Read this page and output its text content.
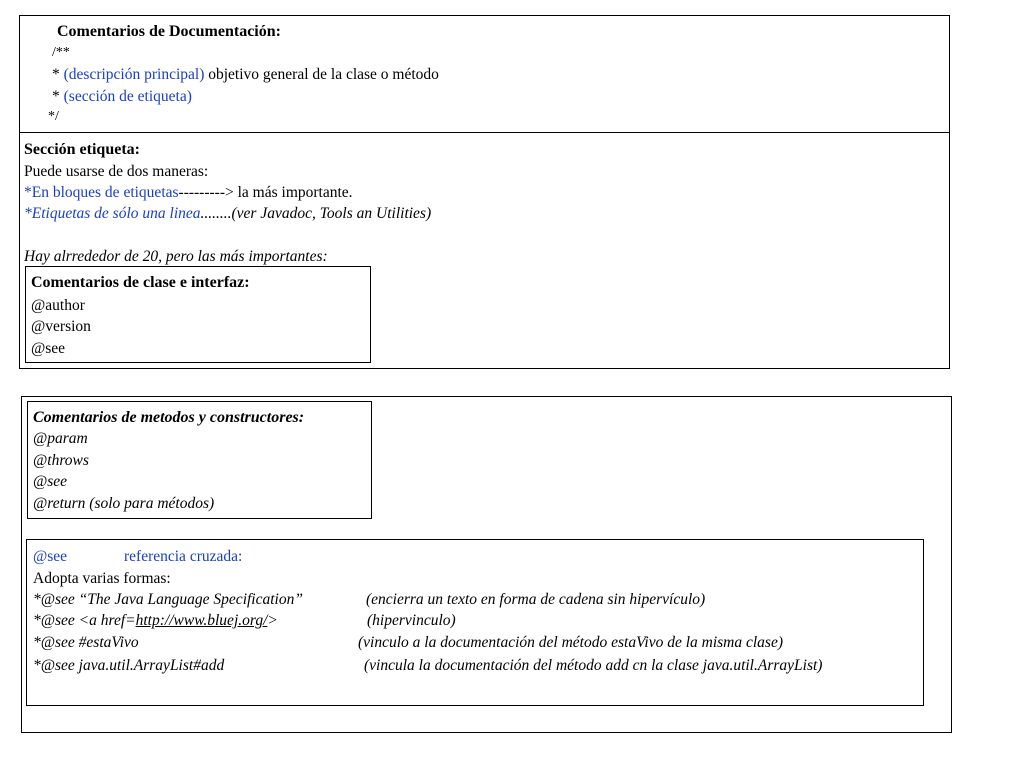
Comentarios de Documentación:
/**
* (descripción principal) objetivo general de la clase o método
* (sección de etiqueta)
*/
Sección etiqueta:
Puede usarse de dos maneras:
*En bloques de etiquetas---------> la más importante.
*Etiquetas de sólo una linea........(ver Javadoc, Tools an Utilities)
Hay alrrededor de 20, pero las más importantes:
Comentarios de clase e interfaz:
@author
@version
@see
Comentarios de metodos y constructores:
@param
@throws
@see
@return (solo para métodos)
@see	referencia cruzada:
Adopta varias formas:
*@see “The Java Language Specification”	(encierra un texto en forma de cadena sin hipervículo)
*@see <a href=http://www.bluej.org/>	(hipervinculo)
*@see #estaVivo	(vinculo a la documentación del método estaVivo de la misma clase)
*@see java.util.ArrayList#add	(vincula la documentación del método add cn la clase java.util.ArrayList)
